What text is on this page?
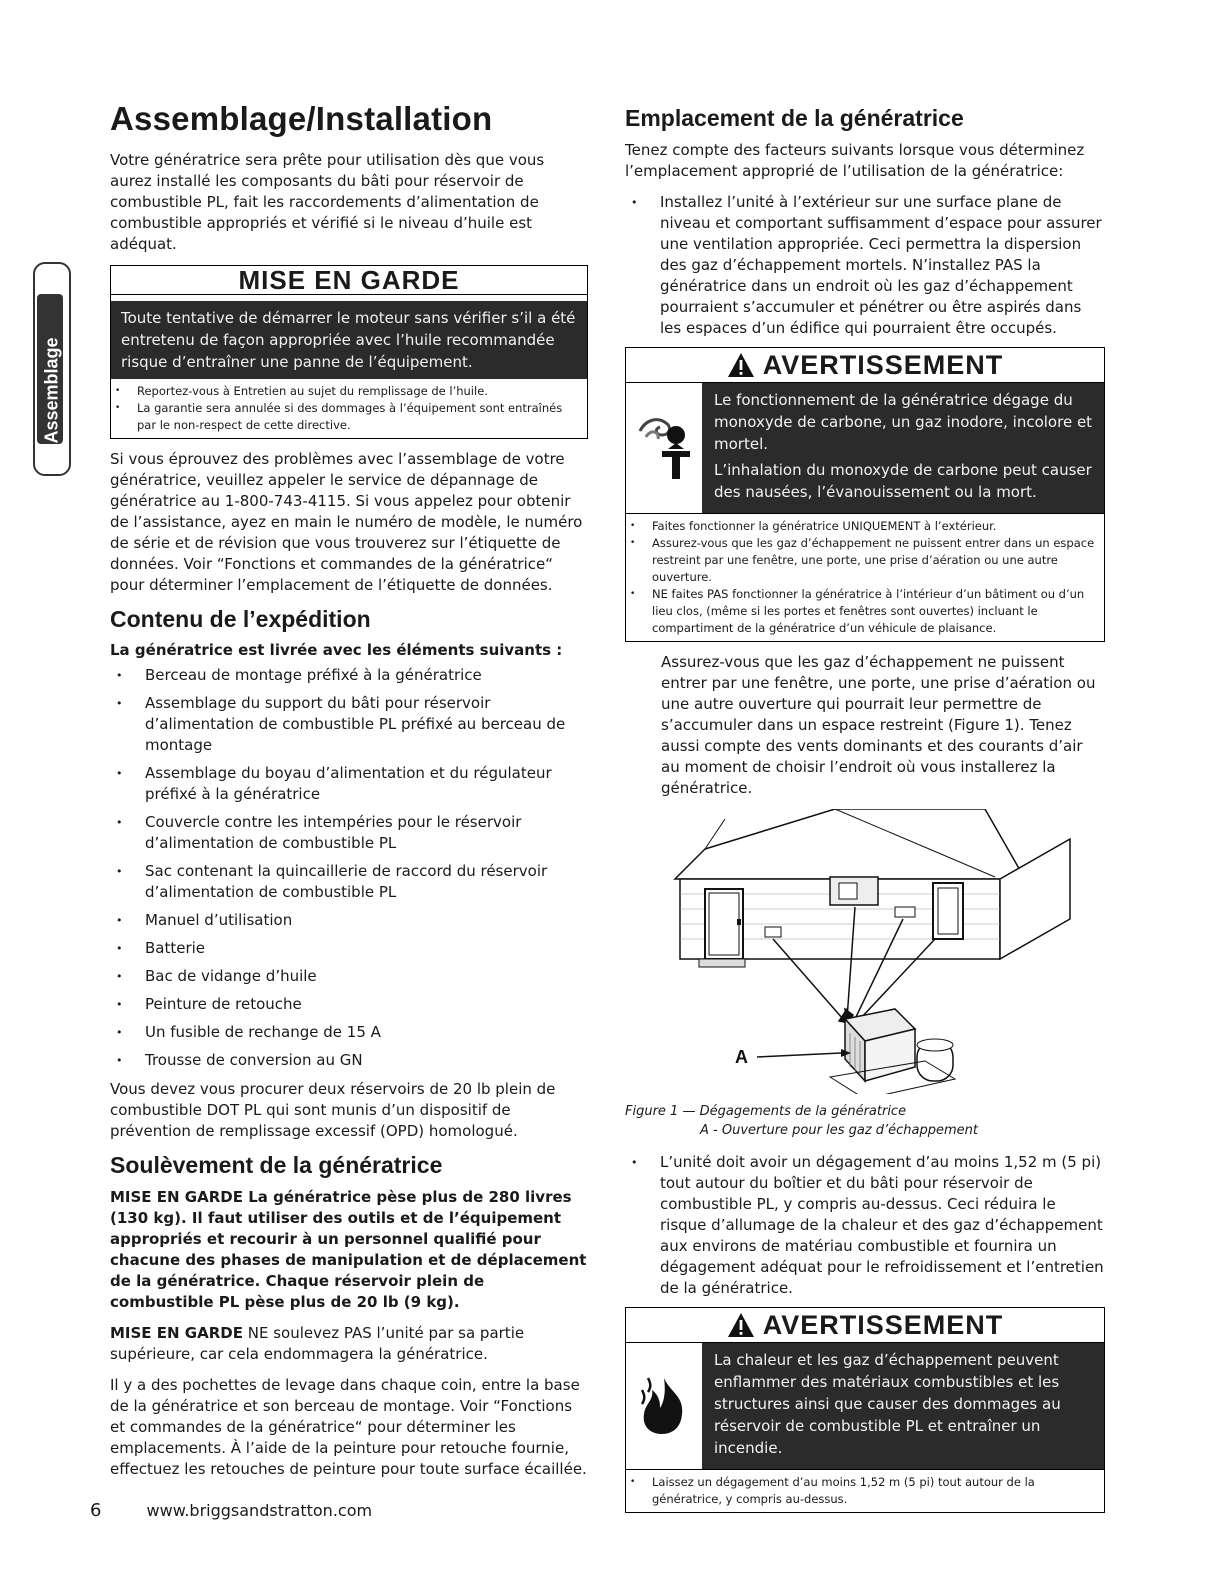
Assemblage
Assemblage/Installation

Votre génératrice sera prête pour utilisation dès que vous aurez installé les composants du bâti pour réservoir de combustible PL, fait les raccordements d’alimentation de combustible appropriés et vérifié si le niveau d’huile est adéquat.

MISE EN GARDE
Toute tentative de démarrer le moteur sans vérifier s’il a été entretenu de façon appropriée avec l’huile recommandée risque d’entraîner une panne de l’équipement.
• Reportez-vous à Entretien au sujet du remplissage de l’huile.
• La garantie sera annulée si des dommages à l’équipement sont entraînés par le non-respect de cette directive.

Si vous éprouvez des problèmes avec l’assemblage de votre génératrice, veuillez appeler le service de dépannage de génératrice au 1-800-743-4115. Si vous appelez pour obtenir de l’assistance, ayez en main le numéro de modèle, le numéro de série et de révision que vous trouverez sur l’étiquette de données. Voir “Fonctions et commandes de la génératrice“ pour déterminer l’emplacement de l’étiquette de données.

Contenu de l’expédition
La génératrice est livrée avec les éléments suivants :
• Berceau de montage préfixé à la génératrice
• Assemblage du support du bâti pour réservoir d’alimentation de combustible PL préfixé au berceau de montage
• Assemblage du boyau d’alimentation et du régulateur préfixé à la génératrice
• Couvercle contre les intempéries pour le réservoir d’alimentation de combustible PL
• Sac contenant la quincaillerie de raccord du réservoir d’alimentation de combustible PL
• Manuel d’utilisation
• Batterie
• Bac de vidange d’huile
• Peinture de retouche
• Un fusible de rechange de 15 A
• Trousse de conversion au GN

Vous devez vous procurer deux réservoirs de 20 lb plein de combustible DOT PL qui sont munis d’un dispositif de prévention de remplissage excessif (OPD) homologué.

Soulèvement de la génératrice

MISE EN GARDE La génératrice pèse plus de 280 livres (130 kg). Il faut utiliser des outils et de l’équipement appropriés et recourir à un personnel qualifié pour chacune des phases de manipulation et de déplacement de la génératrice. Chaque réservoir plein de combustible PL pèse plus de 20 lb (9 kg).

MISE EN GARDE NE soulevez PAS l’unité par sa partie supérieure, car cela endommagera la génératrice.

Il y a des pochettes de levage dans chaque coin, entre la base de la génératrice et son berceau de montage. Voir “Fonctions et commandes de la génératrice“ pour déterminer les emplacements. À l’aide de la peinture pour retouche fournie, effectuez les retouches de peinture pour toute surface écaillée.

Emplacement de la génératrice

Tenez compte des facteurs suivants lorsque vous déterminez l’emplacement approprié de l’utilisation de la génératrice:

• Installez l’unité à l’extérieur sur une surface plane de niveau et comportant suffisamment d’espace pour assurer une ventilation appropriée. Ceci permettra la dispersion des gaz d’échappement mortels. N’installez PAS la génératrice dans un endroit où les gaz d’échappement pourraient s’accumuler et pénétrer ou être aspirés dans les espaces d’un édifice qui pourraient être occupés.
AVERTISSEMENT

Le fonctionnement de la génératrice dégage du monoxyde de carbone, un gaz inodore, incolore et mortel.

L’inhalation du monoxyde de carbone peut causer des nausées, l’évanouissement ou la mort.

• Faites fonctionner la génératrice UNIQUEMENT à l’extérieur.
• Assurez-vous que les gaz d’échappement ne puissent entrer dans un espace restreint par une fenêtre, une porte, une prise d’aération ou une autre ouverture.
• NE faites PAS fonctionner la génératrice à l’intérieur d’un bâtiment ou d’un lieu clos, (même si les portes et fenêtres sont ouvertes) incluant le compartiment de la génératrice d’un véhicule de plaisance.

Assurez-vous que les gaz d’échappement ne puissent entrer par une fenêtre, une porte, une prise d’aération ou une autre ouverture qui pourrait leur permettre de s’accumuler dans un espace restreint (Figure 1). Tenez aussi compte des vents dominants et des courants d’air au moment de choisir l’endroit où vous installerez la génératrice.

A
Figure 1 — Dégagements de la génératrice
A - Ouverture pour les gaz d’échappement
• L’unité doit avoir un dégagement d’au moins 1,52 m (5 pi) tout autour du boîtier et du bâti pour réservoir de combustible PL, y compris au-dessus. Ceci réduira le risque d’allumage de la chaleur et des gaz d’échappement aux environs de matériau combustible et fournira un dégagement adéquat pour le refroidissement et l’entretien de la génératrice.
AVERTISSEMENT

La chaleur et les gaz d’échappement peuvent enflammer des matériaux combustibles et les structures ainsi que causer des dommages au réservoir de combustible PL et entraîner un incendie.

• Laissez un dégagement d’au moins 1,52 m (5 pi) tout autour de la génératrice, y compris au-dessus.
6	www.briggsandstratton.com
